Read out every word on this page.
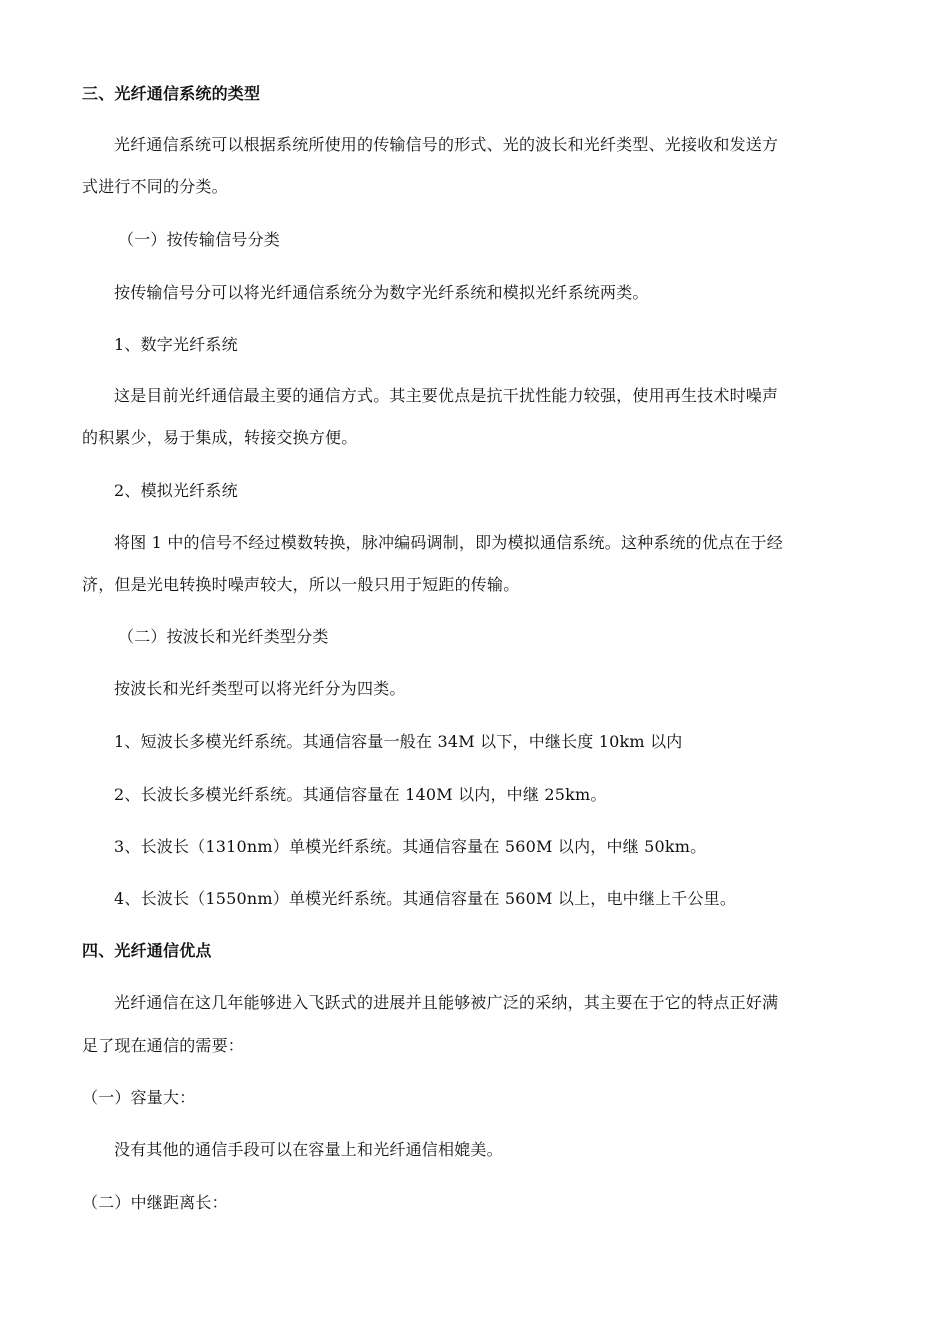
三、光纤通信系统的类型
光纤通信系统可以根据系统所使用的传输信号的形式、光的波长和光纤类型、光接收和发送方
式进行不同的分类。
（一）按传输信号分类
按传输信号分可以将光纤通信系统分为数字光纤系统和模拟光纤系统两类。
1、数字光纤系统
这是目前光纤通信最主要的通信方式。其主要优点是抗干扰性能力较强，使用再生技术时噪声
的积累少，易于集成，转接交换方便。
2、模拟光纤系统
将图 1 中的信号不经过模数转换，脉冲编码调制，即为模拟通信系统。这种系统的优点在于经
济，但是光电转换时噪声较大，所以一般只用于短距的传输。
（二）按波长和光纤类型分类
按波长和光纤类型可以将光纤分为四类。
1、短波长多模光纤系统。其通信容量一般在 34M 以下，中继长度 10km 以内
2、长波长多模光纤系统。其通信容量在 140M 以内，中继 25km。
3、长波长（1310nm）单模光纤系统。其通信容量在 560M 以内，中继 50km。
4、长波长（1550nm）单模光纤系统。其通信容量在 560M 以上，电中继上千公里。
四、光纤通信优点
光纤通信在这几年能够进入飞跃式的进展并且能够被广泛的采纳，其主要在于它的特点正好满
足了现在通信的需要：
（一）容量大：
没有其他的通信手段可以在容量上和光纤通信相媲美。
（二）中继距离长：
